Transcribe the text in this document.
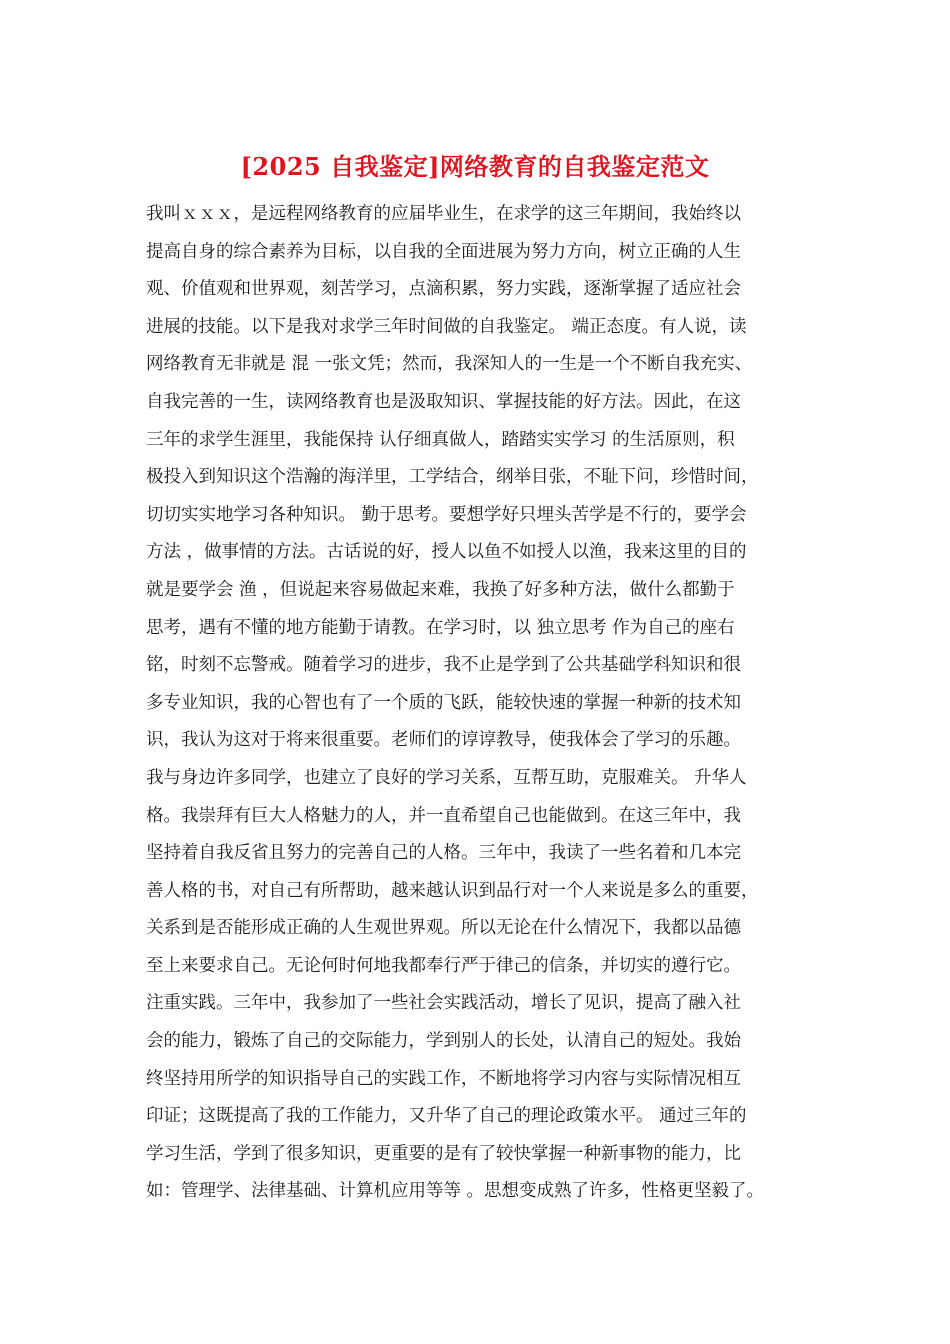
[2025 自我鉴定]网络教育的自我鉴定范文
我叫ｘｘｘ，是远程网络教育的应届毕业生，在求学的这三年期间，我始终以
提高自身的综合素养为目标，以自我的全面进展为努力方向，树立正确的人生
观、价值观和世界观，刻苦学习，点滴积累，努力实践，逐渐掌握了适应社会
进展的技能。以下是我对求学三年时间做的自我鉴定。 端正态度。有人说，读
网络教育无非就是 混 一张文凭；然而，我深知人的一生是一个不断自我充实、
自我完善的一生，读网络教育也是汲取知识、掌握技能的好方法。因此，在这
三年的求学生涯里，我能保持 认仔细真做人，踏踏实实学习 的生活原则，积
极投入到知识这个浩瀚的海洋里，工学结合，纲举目张，不耻下问，珍惜时间，
切切实实地学习各种知识。 勤于思考。要想学好只埋头苦学是不行的，要学会
方法 ，做事情的方法。古话说的好，授人以鱼不如授人以渔，我来这里的目的
就是要学会 渔 ，但说起来容易做起来难，我换了好多种方法，做什么都勤于
思考，遇有不懂的地方能勤于请教。在学习时，以 独立思考 作为自己的座右
铭，时刻不忘警戒。随着学习的进步，我不止是学到了公共基础学科知识和很
多专业知识，我的心智也有了一个质的飞跃，能较快速的掌握一种新的技术知
识，我认为这对于将来很重要。老师们的谆谆教导，使我体会了学习的乐趣。
我与身边许多同学，也建立了良好的学习关系，互帮互助，克服难关。 升华人
格。我崇拜有巨大人格魅力的人，并一直希望自己也能做到。在这三年中，我
坚持着自我反省且努力的完善自己的人格。三年中，我读了一些名着和几本完
善人格的书，对自己有所帮助，越来越认识到品行对一个人来说是多么的重要，
关系到是否能形成正确的人生观世界观。所以无论在什么情况下，我都以品德
至上来要求自己。无论何时何地我都奉行严于律己的信条，并切实的遵行它。
注重实践。三年中，我参加了一些社会实践活动，增长了见识，提高了融入社
会的能力，锻炼了自己的交际能力，学到别人的长处，认清自己的短处。我始
终坚持用所学的知识指导自己的实践工作，不断地将学习内容与实际情况相互
印证；这既提高了我的工作能力，又升华了自己的理论政策水平。 通过三年的
学习生活，学到了很多知识，更重要的是有了较快掌握一种新事物的能力，比
如：管理学、法律基础、计算机应用等等 。思想变成熟了许多，性格更坚毅了。
